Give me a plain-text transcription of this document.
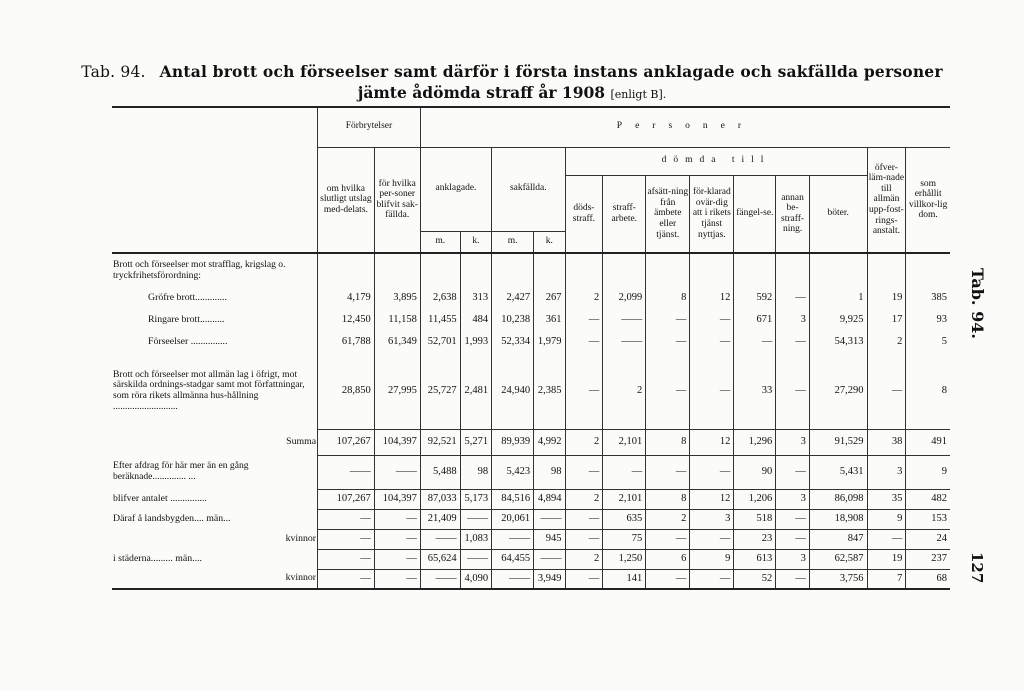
Tab. 94. Antal brott och förseelser samt därför i första instans anklagade och sakfällda personer
jämte ådömda straff år 1908 [enligt B].
Tab. 94.
127
	Förbrytelser		Personer												
	om hvilka slutligt utslag med-delats.	för hvilka per-soner blifvit sak-fällda.	anklagade.		sakfällda.		dömda till							öfver-läm-nade till allmän upp-fost-rings-anstalt.	som erhållit villkor-lig dom.
							döds-straff.	straff-arbete.	afsätt-ning från ämbete eller tjänst.	för-klarad ovär-dig att i rikets tjänst nyttjas.	fängel-se.	annan be-straff-ning.	böter.		
			m.	k.	m.	k.									
Brott och förseelser mot strafflag, krigslag o. tryckfrihetsförordning:															
Gröfre brott.............	4,179	3,895	2,638	313	2,427	267	2	2,099	8	12	592	—	1	19	385
Ringare brott..........	12,450	11,158	11,455	484	10,238	361	—	——	—	—	671	3	9,925	17	93
Förseelser ...............	61,788	61,349	52,701	1,993	52,334	1,979	—	——	—	—	—	—	54,313	2	5
Brott och förseelser mot allmän lag i öfrigt, mot särskilda ordnings-stadgar samt mot författningar, som röra rikets allmänna hus-hållning ...........................	28,850	27,995	25,727	2,481	24,940	2,385	—	2	—	—	33	—	27,290	—	8
Summa	107,267	104,397	92,521	5,271	89,939	4,992	2	2,101	8	12	1,296	3	91,529	38	491
Efter afdrag för här mer än en gång beräknade.............. ...	——	——	5,488	98	5,423	98	—	—	—	—	90	—	5,431	3	9
blifver antalet ...............	107,267	104,397	87,033	5,173	84,516	4,894	2	2,101	8	12	1,206	3	86,098	35	482
Däraf å landsbygden.... män...	—	—	21,409	——	20,061	——	—	635	2	3	518	—	18,908	9	153
kvinnor	—	—	——	1,083	——	945	—	75	—	—	23	—	847	—	24
i städerna......... män....	—	—	65,624	——	64,455	——	2	1,250	6	9	613	3	62,587	19	237
kvinnor	—	—	——	4,090	——	3,949	—	141	—	—	52	—	3,756	7	68
